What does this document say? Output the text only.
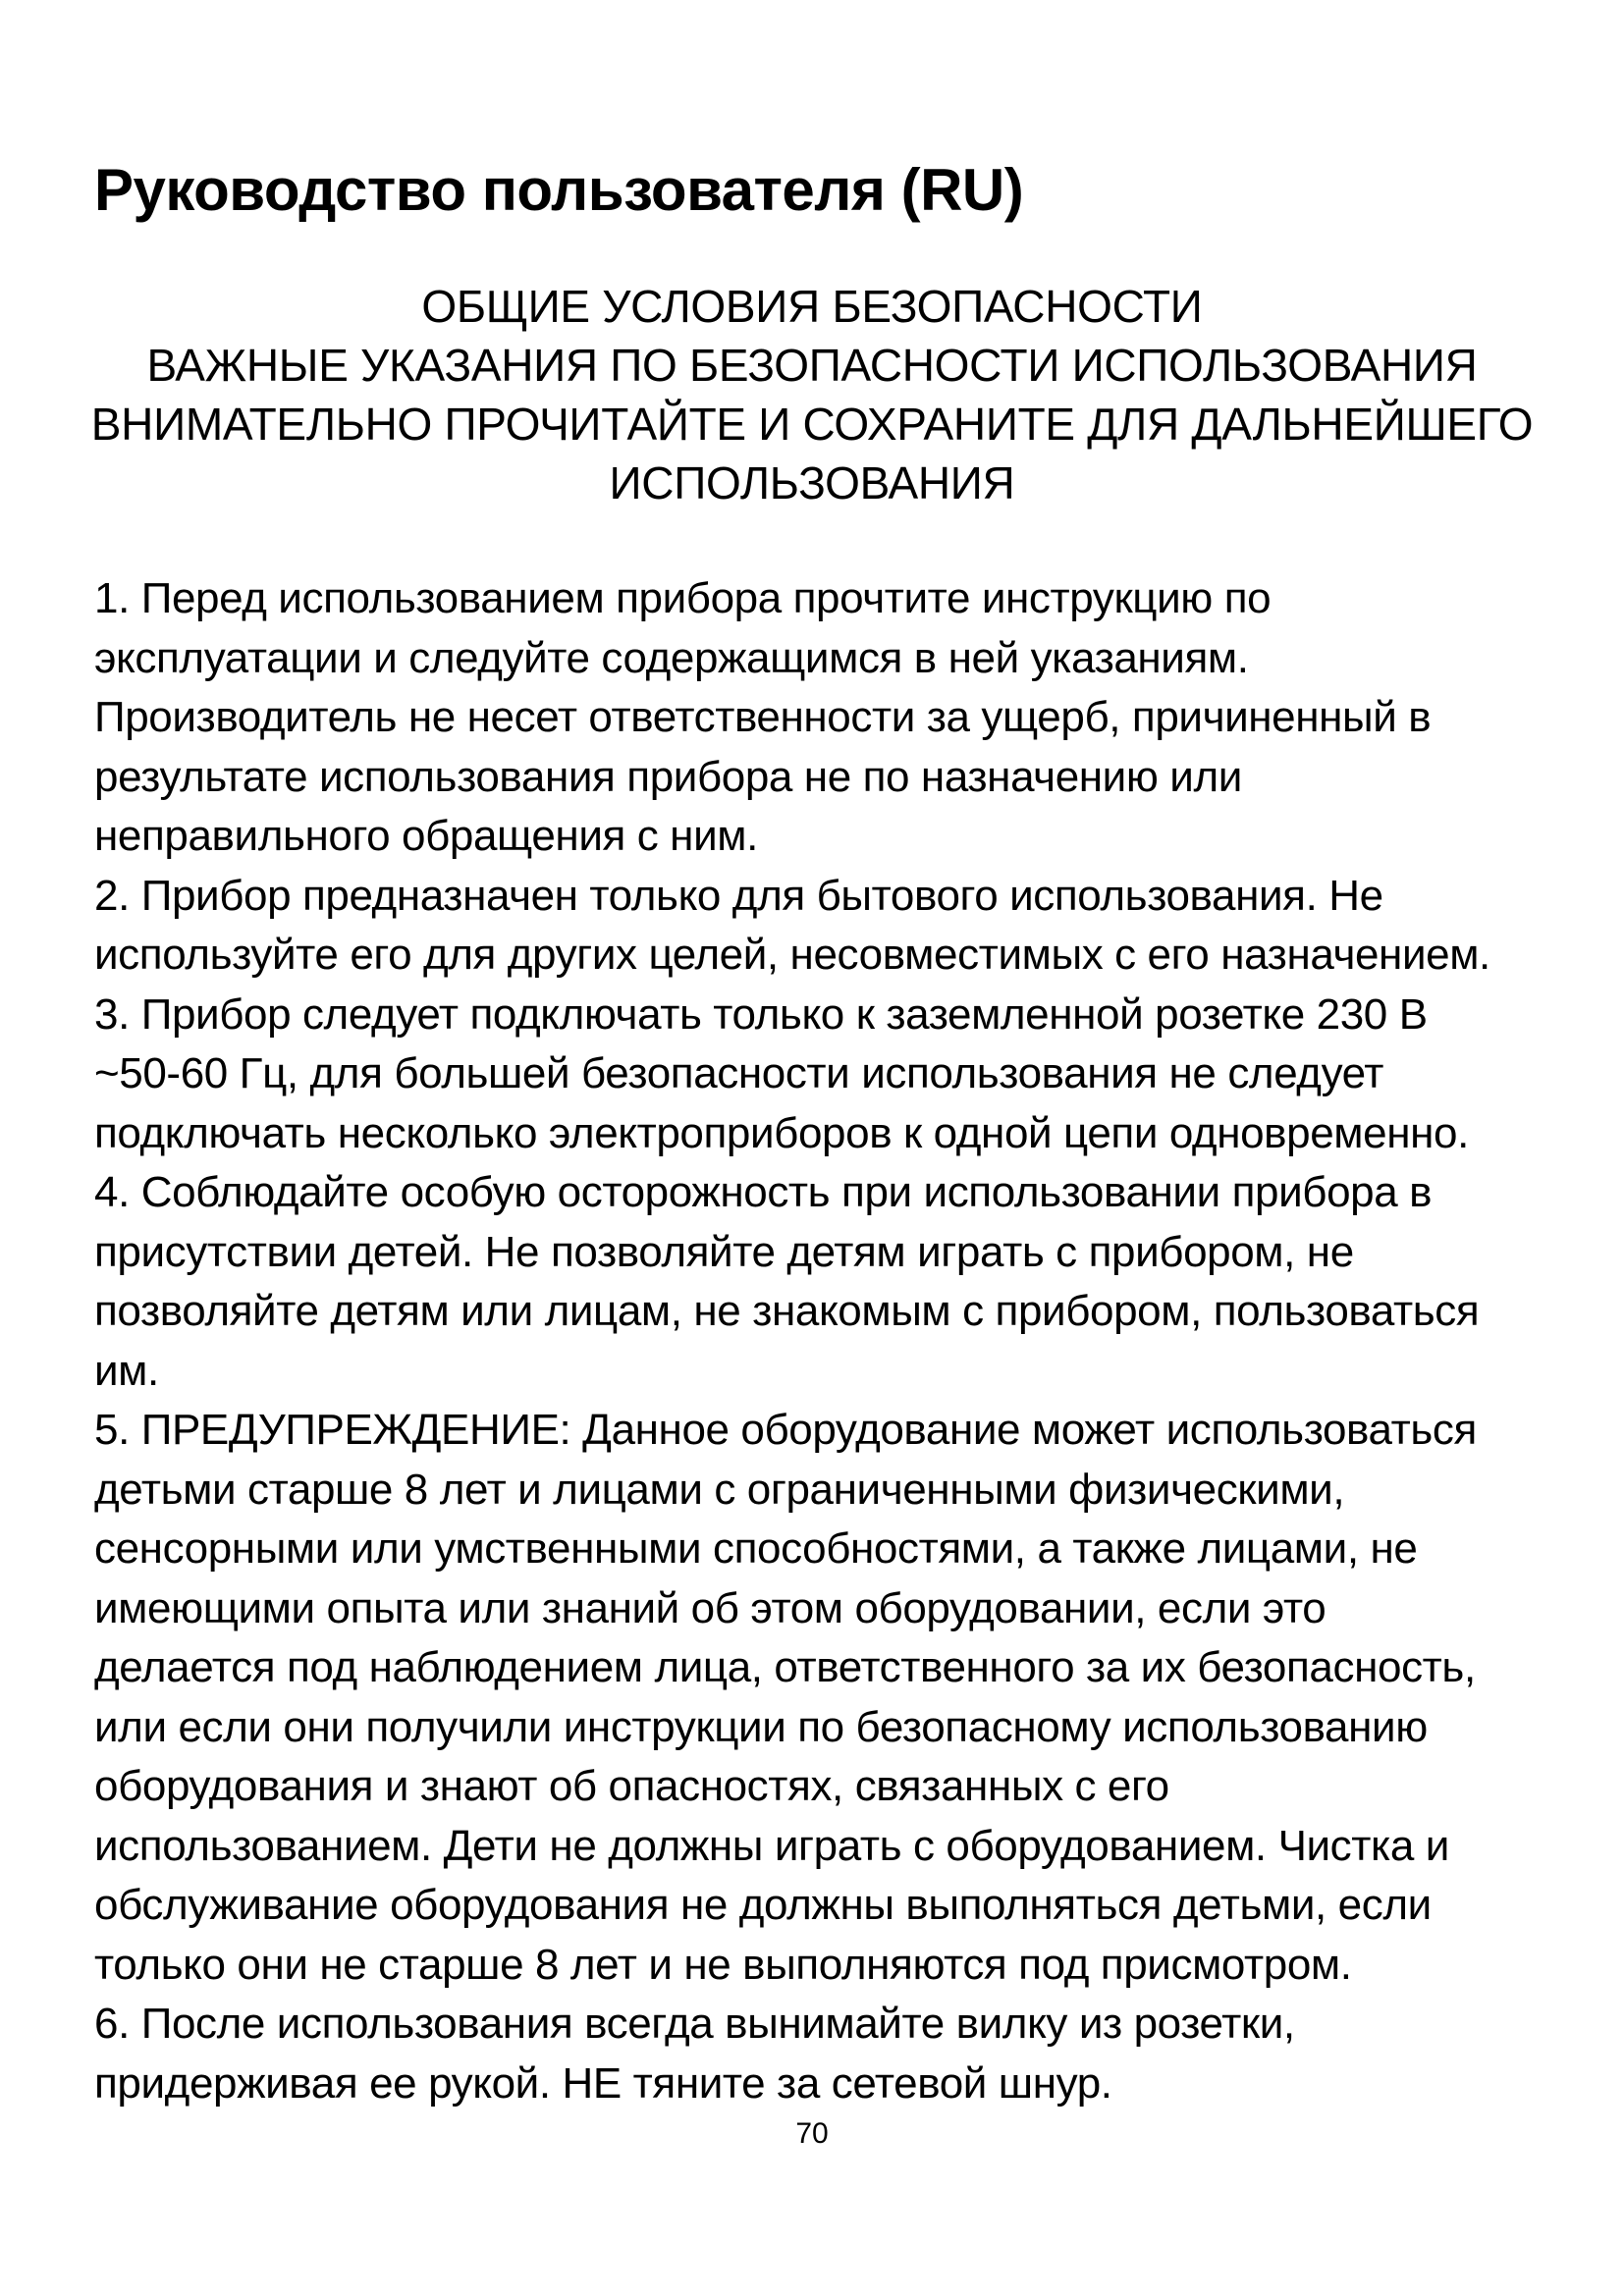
Руководство пользователя (RU)
ОБЩИЕ УСЛОВИЯ БЕЗОПАСНОСТИ
ВАЖНЫЕ УКАЗАНИЯ ПО БЕЗОПАСНОСТИ ИСПОЛЬЗОВАНИЯ
ВНИМАТЕЛЬНО ПРОЧИТАЙТЕ И СОХРАНИТЕ ДЛЯ ДАЛЬНЕЙШЕГО
ИСПОЛЬЗОВАНИЯ
1. Перед использованием прибора прочтите инструкцию по
эксплуатации и следуйте содержащимся в ней указаниям.
Производитель не несет ответственности за ущерб, причиненный в
результате использования прибора не по назначению или
неправильного обращения с ним.
2. Прибор предназначен только для бытового использования. Не
используйте его для других целей, несовместимых с его назначением.
3. Прибор следует подключать только к заземленной розетке 230 В
~50-60 Гц, для большей безопасности использования не следует
подключать несколько электроприборов к одной цепи одновременно.
4. Соблюдайте особую осторожность при использовании прибора в
присутствии детей. Не позволяйте детям играть с прибором, не
позволяйте детям или лицам, не знакомым с прибором, пользоваться
им.
5. ПРЕДУПРЕЖДЕНИЕ: Данное оборудование может использоваться
детьми старше 8 лет и лицами с ограниченными физическими,
сенсорными или умственными способностями, а также лицами, не
имеющими опыта или знаний об этом оборудовании, если это
делается под наблюдением лица, ответственного за их безопасность,
или если они получили инструкции по безопасному использованию
оборудования и знают об опасностях, связанных с его
использованием. Дети не должны играть с оборудованием. Чистка и
обслуживание оборудования не должны выполняться детьми, если
только они не старше 8 лет и не выполняются под присмотром.
6. После использования всегда вынимайте вилку из розетки,
придерживая ее рукой. НЕ тяните за сетевой шнур.
70
